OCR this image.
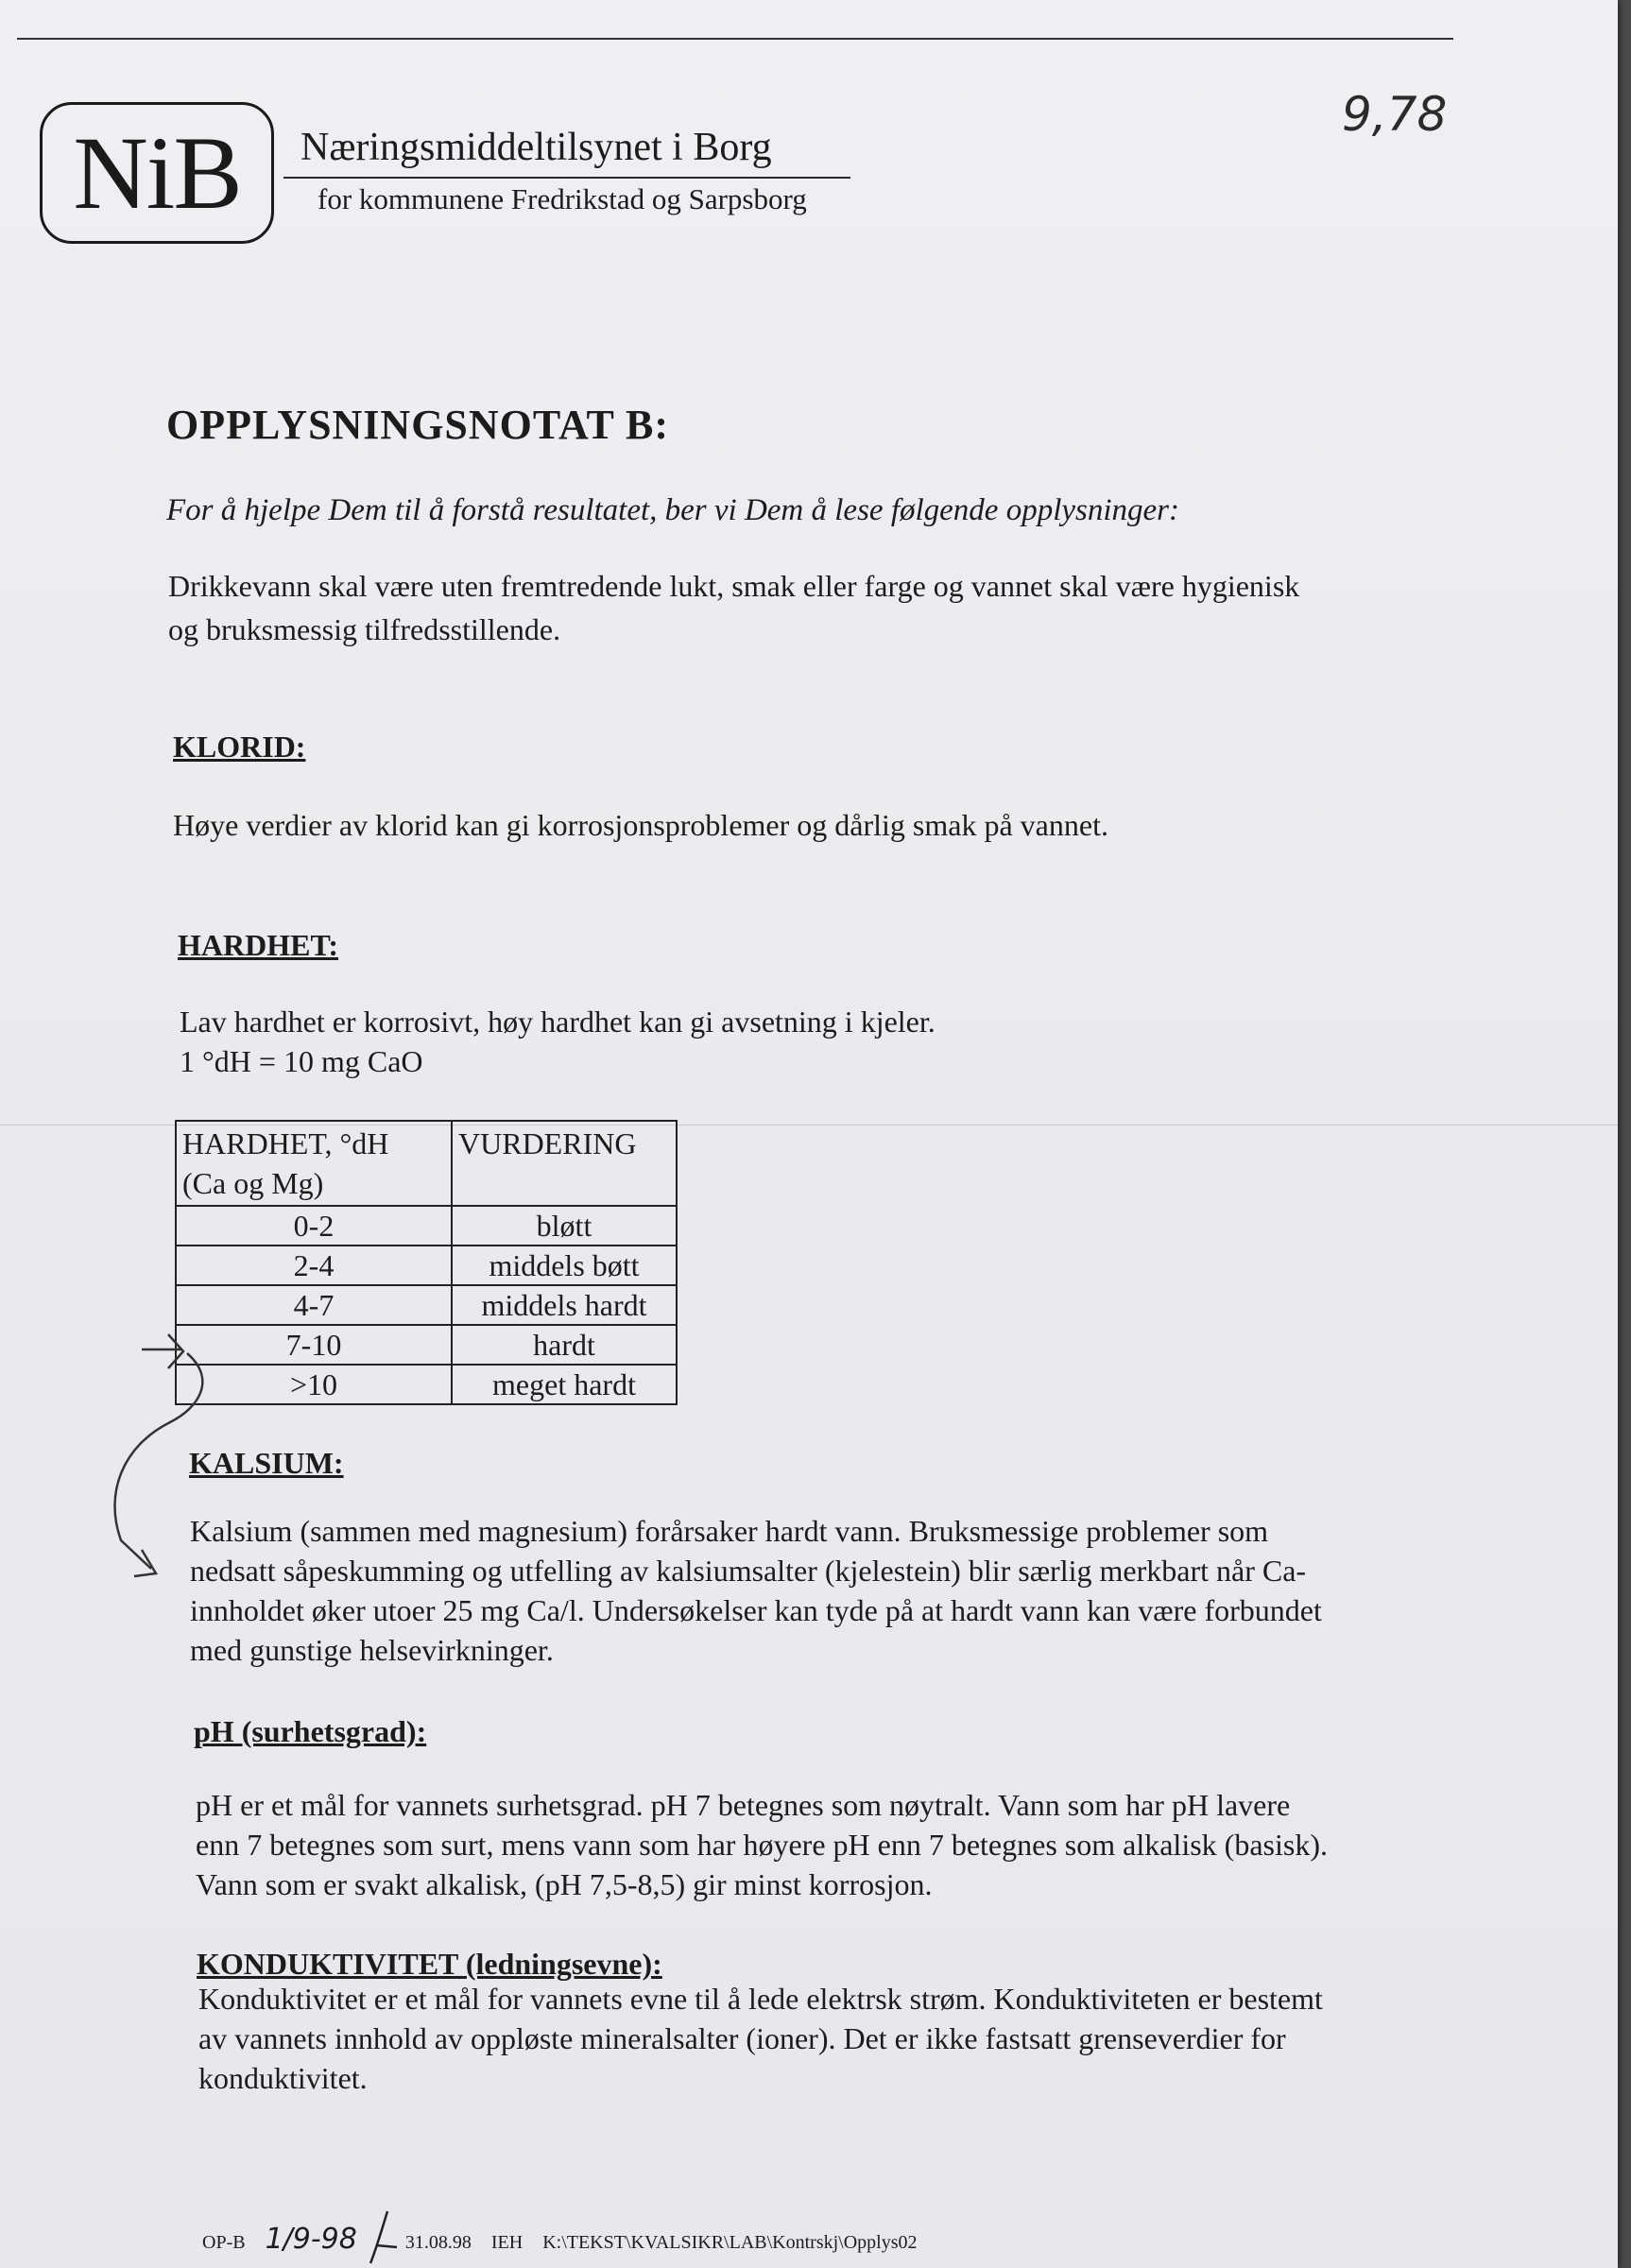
NiB Næringsmiddeltilsynet i Borg
for kommunene Fredrikstad og Sarpsborg
9,78
OPPLYSNINGSNOTAT B:
For å hjelpe Dem til å forstå resultatet, ber vi Dem å lese følgende opplysninger:
Drikkevann skal være uten fremtredende lukt, smak eller farge og vannet skal være hygienisk
og bruksmessig tilfredsstillende.
KLORID:
Høye verdier av klorid kan gi korrosjonsproblemer og dårlig smak på vannet.
HARDHET:
Lav hardhet er korrosivt, høy hardhet kan gi avsetning i kjeler.
1 °dH = 10 mg CaO
HARDHET, °dH
(Ca og Mg)	VURDERING
0-2	bløtt
2-4	middels bøtt
4-7	middels hardt
7-10	hardt
>10	meget hardt
KALSIUM:
Kalsium (sammen med magnesium) forårsaker hardt vann. Bruksmessige problemer som
nedsatt såpeskumming og utfelling av kalsiumsalter (kjelestein) blir særlig merkbart når Ca-
innholdet øker utoer 25 mg Ca/l. Undersøkelser kan tyde på at hardt vann kan være forbundet
med gunstige helsevirkninger.
pH (surhetsgrad):
pH er et mål for vannets surhetsgrad. pH 7 betegnes som nøytralt. Vann som har pH lavere
enn 7 betegnes som surt, mens vann som har høyere pH enn 7 betegnes som alkalisk (basisk).
Vann som er svakt alkalisk, (pH 7,5-8,5) gir minst korrosjon.
KONDUKTIVITET (ledningsevne):
Konduktivitet er et mål for vannets evne til å lede elektrsk strøm. Konduktiviteten er bestemt
av vannets innhold av oppløste mineralsalter (ioner). Det er ikke fastsatt grenseverdier for
konduktivitet.
OP-B 1/9-98	31.08.98 IEH K:\TEKST\KVALSIKR\LAB\Kontrskj\Opplys02
